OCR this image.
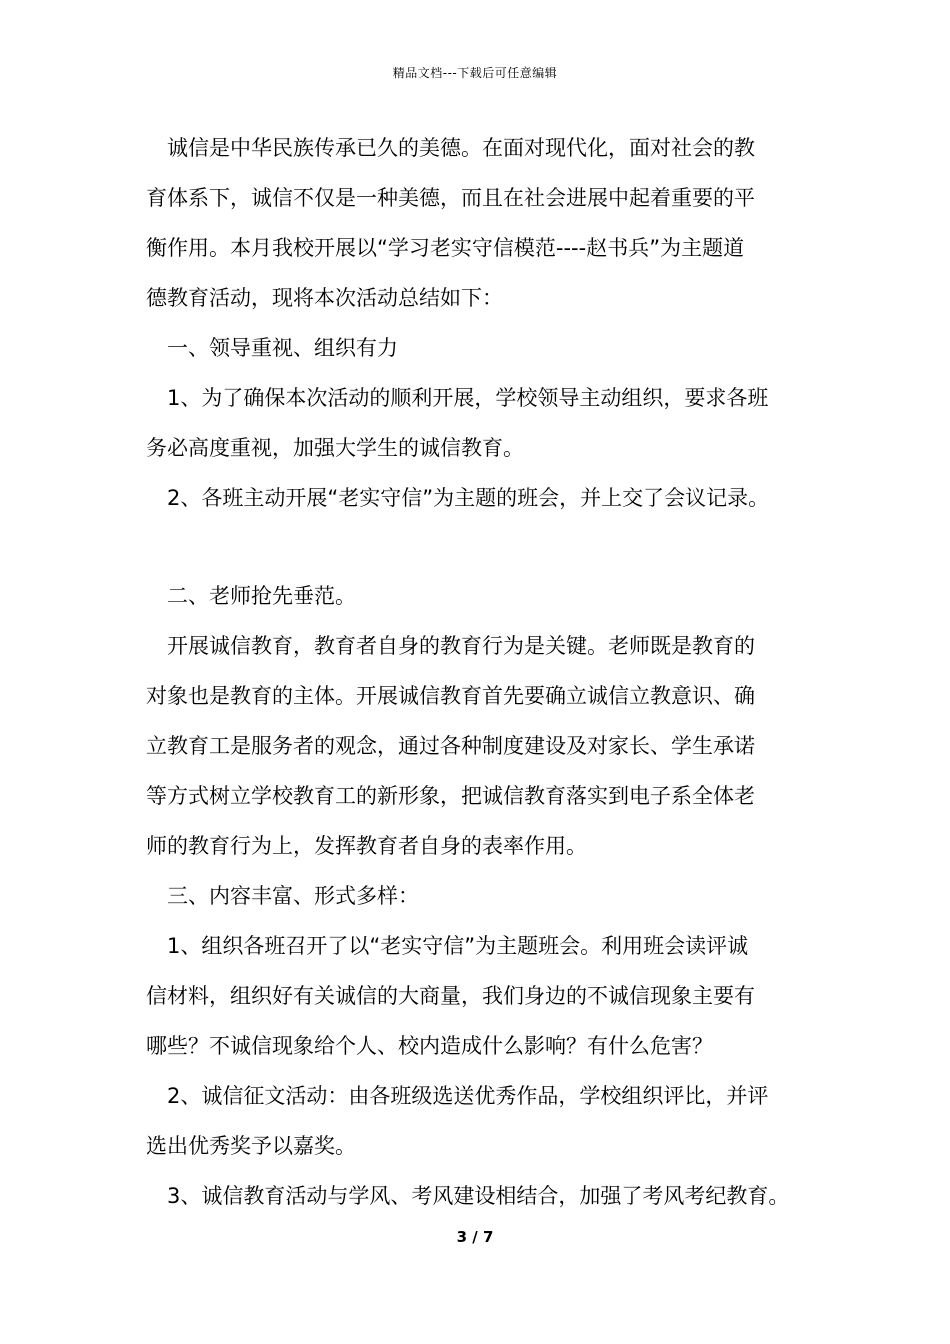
精品文档---下载后可任意编辑
诚信是中华民族传承已久的美德。在面对现代化，面对社会的教
育体系下，诚信不仅是一种美德，而且在社会进展中起着重要的平
衡作用。本月我校开展以“学习老实守信模范----赵书兵”为主题道
德教育活动，现将本次活动总结如下：
一、领导重视、组织有力
1、为了确保本次活动的顺利开展，学校领导主动组织，要求各班
务必高度重视，加强大学生的诚信教育。
2、各班主动开展“老实守信”为主题的班会，并上交了会议记录。
二、老师抢先垂范。
开展诚信教育，教育者自身的教育行为是关键。老师既是教育的
对象也是教育的主体。开展诚信教育首先要确立诚信立教意识、确
立教育工是服务者的观念，通过各种制度建设及对家长、学生承诺
等方式树立学校教育工的新形象，把诚信教育落实到电子系全体老
师的教育行为上，发挥教育者自身的表率作用。
三、内容丰富、形式多样：
1、组织各班召开了以“老实守信”为主题班会。利用班会读评诚
信材料，组织好有关诚信的大商量，我们身边的不诚信现象主要有
哪些？不诚信现象给个人、校内造成什么影响？有什么危害？
2、诚信征文活动：由各班级选送优秀作品，学校组织评比，并评
选出优秀奖予以嘉奖。
3、诚信教育活动与学风、考风建设相结合，加强了考风考纪教育。
3 / 7
